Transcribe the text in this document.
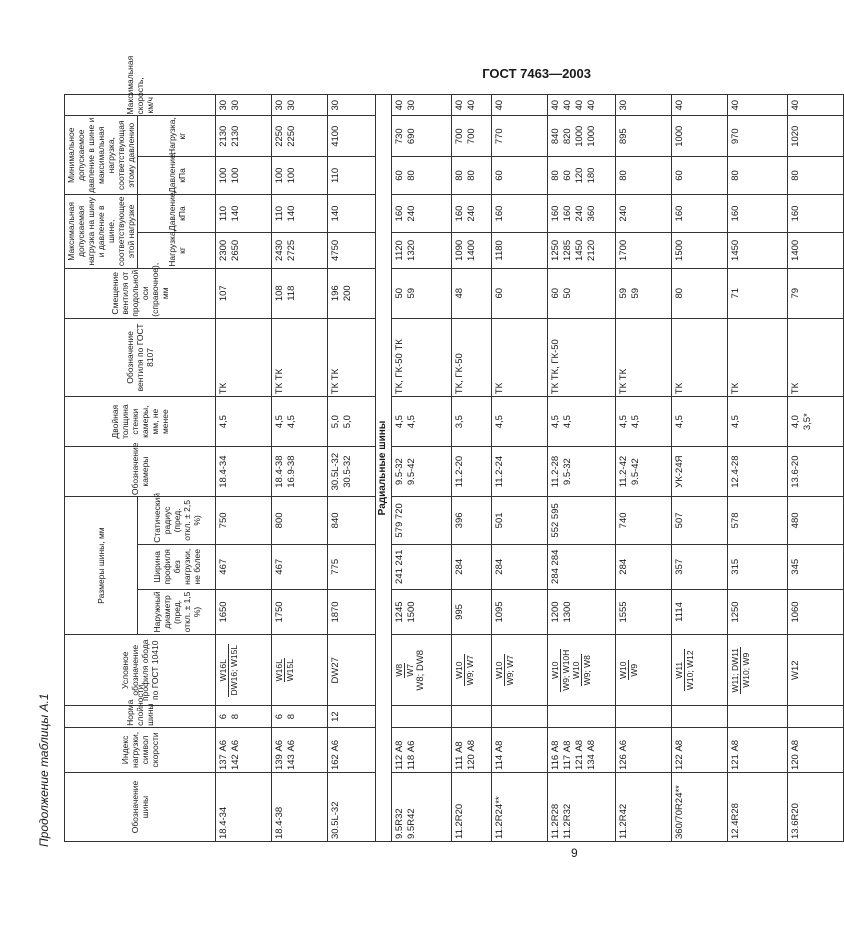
ГОСТ 7463—2003
Продолжение таблицы А.1	Обозначение шины	Индекс нагрузки, символ скорости	Норма слойности шины	Условное обозначение профиля обода по ГОСТ 10410	Размеры шины, мм			Обозначение камеры	Двойная толщина стенки камеры, мм, не менее	Обозначение вентиля по ГОСТ 8107	Смещение вентиля от продольной оси (справочное), мм	Максимальная допускаемая нагрузка на шину и давление в шине, соответствующее этой нагрузке		Минимальное допускаемое давление в шине и максимальная нагрузка, соответствующая этому давлению		Максимальная скорость, км/ч
				Наружный диаметр (пред. откл. ± 1,5 %)	Ширина профиля без нагрузки, не более	Статический радиус (пред. откл. ± 2,5 %)					Нагрузка, кг	Давление, кПа	Давление, кПа	Нагрузка, кг	

18.4-34	137 А6 142 А6	6 8	W16L DW16; W15L	1650	467	750	18.4-34	4,5	ТК	107	2300 2650	110 140	100 100	2130 2130	30 30

18.4-38	139 А6 143 А6	6 8	W16L W15L	1750	467	800	18.4-38 16.9-38	4,5 4,5	ТК ТК	108 118	2430 2725	110 140	100 100	2250 2250	30 30

30.5L-32	162 А6	12	DW27	1870	775	840	30.5L-32 30.5-32	5,0 5,0	ТК ТК	196 200	4750	140	110	4100	30

Радиальные шины															

9.5R32 9.5R42	112 А8 118 А6		W8 W7 W8; DW8	1245 1500	241 241	579 720	9.5-32 9.5-42	4,5 4,5	ТК, ГК-50 ТК	50 59	1120 1320	160 240	60 80	730 690	40 30

11.2R20	111 А8 120 А8		W10 W9; W7	995	284	396	11.2-20	3,5	ТК, ГК-50	48	1090 1400	160 240	80 80	700 700	40 40

11.2R24**	114 А8		W10 W9; W7	1095	284	501	11.2-24	4,5	ТК	60	1180	160	60	770	40

11.2R28 11.2R32	116 А8 117 А8 121 А8 134 А8		W10 W9; W10H W10 W9; W8	1200 1300	284 284	552 595	11.2-28 9.5-32	4,5 4,5	ТК ТК, ГК-50	60 50	1250 1285 1450 2120	160 160 240 360	80 60 120 180	840 820 1000 1000	40 40 40 40

11.2R42	126 А6		W10 W9	1555	284	740	11.2-42 9.5-42	4,5 4,5	ТК ТК	59 59	1700	240	80	895	30

360/70R24**	122 А8		W11 W10; W12	1114	357	507	УК-24Я	4,5	ТК	80	1500	160	60	1000	40

12.4R28	121 А8		W11; DW11 W10; W9	1250	315	578	12.4-28	4,5	ТК	71	1450	160	80	970	40

13.6R20	120 А8		W12	1060	345	480	13.6-20	4,0 3,5*	ТК	79	1400	160	80	1020	40
9
